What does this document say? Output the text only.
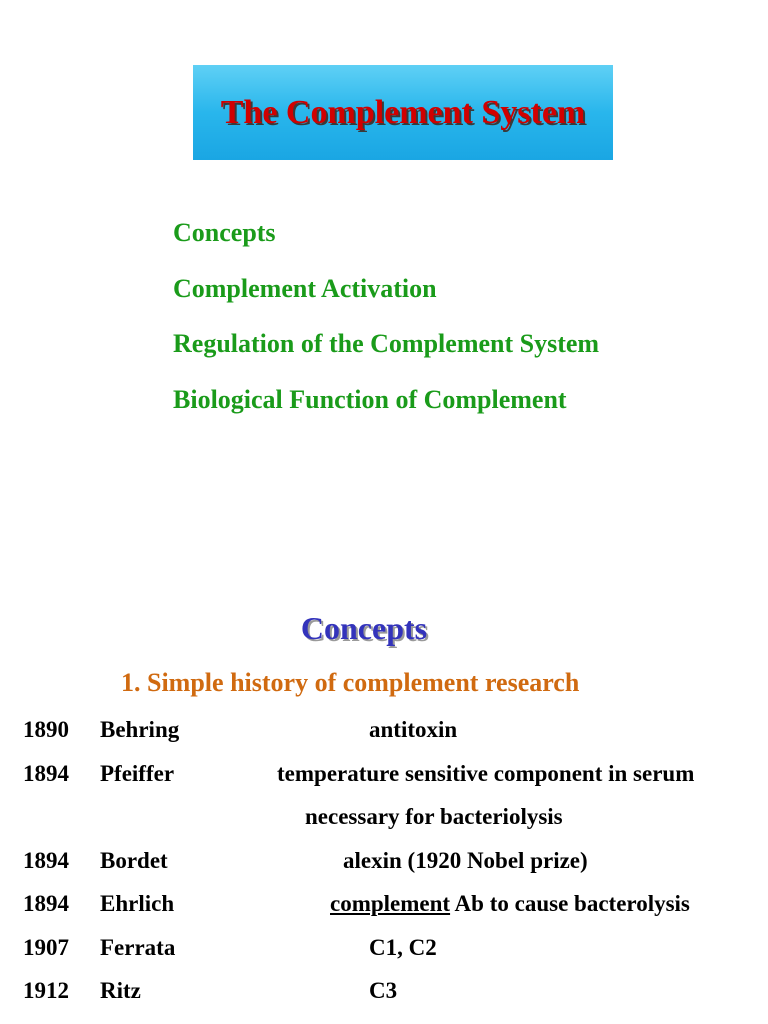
The Complement System
Concepts
Complement Activation
Regulation of the Complement System
Biological Function of Complement
Concepts
1. Simple history of complement research
1890 Behring	antitoxin
1894 Pfeiffer	temperature sensitive component in serum
necessary for bacteriolysis
1894 Bordet	alexin (1920 Nobel prize)
1894 Ehrlich	complement Ab to cause bacterolysis
1907 Ferrata	C1, C2
1912 Ritz	C3
